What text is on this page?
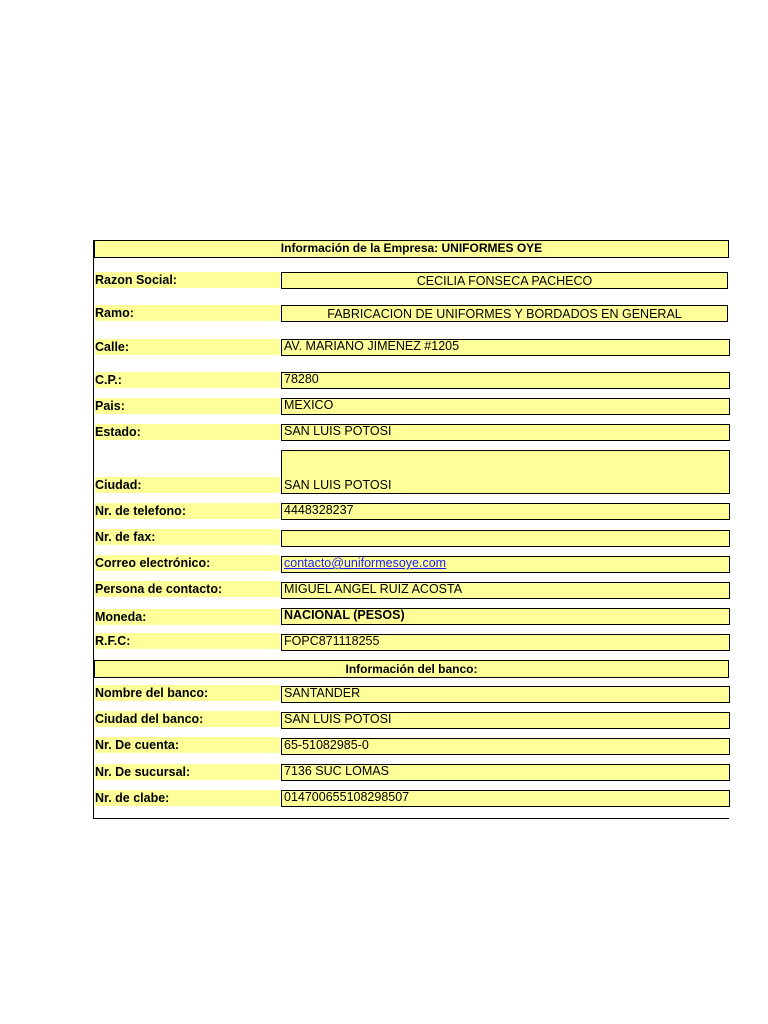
Información de la Empresa: UNIFORMES OYE
Razon Social:	CECILIA FONSECA PACHECO
Ramo:	FABRICACION DE UNIFORMES Y BORDADOS EN GENERAL
Calle:	AV. MARIANO JIMENEZ #1205
C.P.:	78280
Pais:	MEXICO
Estado:	SAN LUIS POTOSI
Ciudad:	SAN LUIS POTOSI
Nr. de telefono:	4448328237
Nr. de fax:
Correo electrónico:	contacto@uniformesoye.com
Persona de contacto:	MIGUEL ANGEL RUIZ ACOSTA
Moneda:	NACIONAL (PESOS)
R.F.C:	FOPC871118255
Información del banco:
Nombre del banco:	SANTANDER
Ciudad del banco:	SAN LUIS POTOSI
Nr. De cuenta:	65-51082985-0
Nr. De sucursal:	7136 SUC LOMAS
Nr. de clabe:	014700655108298507
